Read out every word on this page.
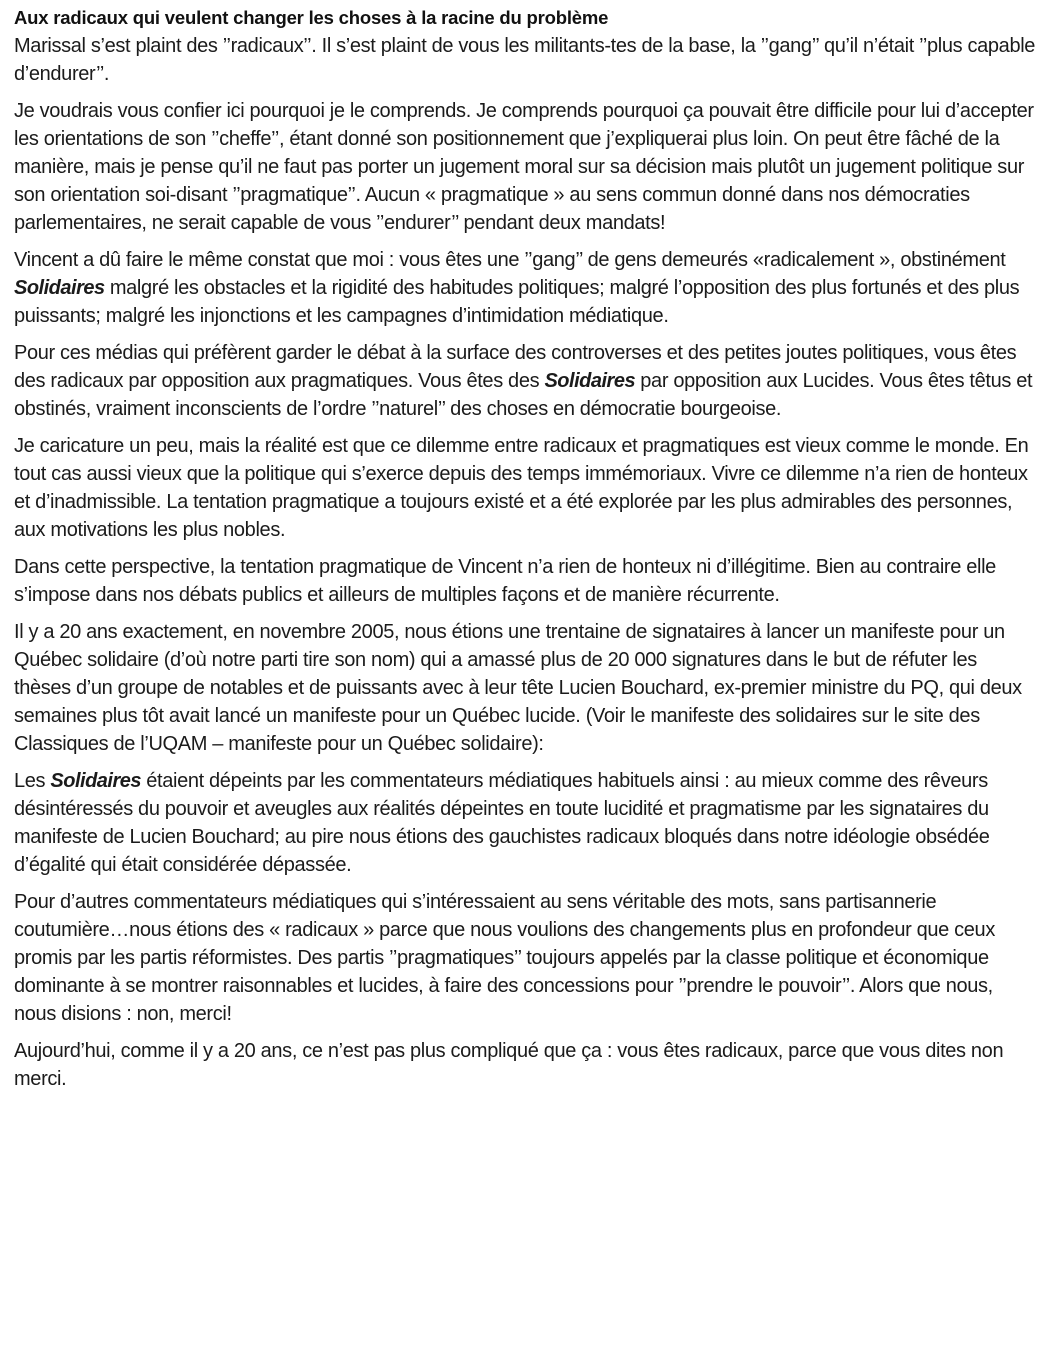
Aux radicaux qui veulent changer les choses à la racine du problème

Marissal s’est plaint des ’’radicaux’’. Il s’est plaint de vous les militants-tes de la base, la ’’gang’’ qu’il n’était ’’plus capable d’endurer’’.

Je voudrais vous confier ici pourquoi je le comprends. Je comprends pourquoi ça pouvait être difficile pour lui d’accepter les orientations de son ’’cheffe’’, étant donné son positionnement que j’expliquerai plus loin. On peut être fâché de la manière, mais je pense qu’il ne faut pas porter un jugement moral sur sa décision mais plutôt un jugement politique sur son orientation soi-disant ’’pragmatique’’. Aucun « pragmatique » au sens commun donné dans nos démocraties parlementaires, ne serait capable de vous ’’endurer’’ pendant deux mandats!

Vincent a dû faire le même constat que moi : vous êtes une ’’gang’’ de gens demeurés «radicalement », obstinément Solidaires malgré les obstacles et la rigidité des habitudes politiques; malgré l’opposition des plus fortunés et des plus puissants; malgré les injonctions et les campagnes d’intimidation médiatique.

Pour ces médias qui préfèrent garder le débat à la surface des controverses et des petites joutes politiques, vous êtes des radicaux par opposition aux pragmatiques. Vous êtes des Solidaires par opposition aux Lucides. Vous êtes têtus et obstinés, vraiment inconscients de l’ordre ’’naturel’’ des choses en démocratie bourgeoise.

Je caricature un peu, mais la réalité est que ce dilemme entre radicaux et pragmatiques est vieux comme le monde. En tout cas aussi vieux que la politique qui s’exerce depuis des temps immémoriaux. Vivre ce dilemme n’a rien de honteux et d’inadmissible. La tentation pragmatique a toujours existé et a été explorée par les plus admirables des personnes, aux motivations les plus nobles.

Dans cette perspective, la tentation pragmatique de Vincent n’a rien de honteux ni d’illégitime. Bien au contraire elle s’impose dans nos débats publics et ailleurs de multiples façons et de manière récurrente.

Il y a 20 ans exactement, en novembre 2005, nous étions une trentaine de signataires à lancer un manifeste pour un Québec solidaire (d’où notre parti tire son nom) qui a amassé plus de 20 000 signatures dans le but de réfuter les thèses d’un groupe de notables et de puissants avec à leur tête Lucien Bouchard, ex-premier ministre du PQ, qui deux semaines plus tôt avait lancé un manifeste pour un Québec lucide. (Voir le manifeste des solidaires sur le site des Classiques de l’UQAM – manifeste pour un Québec solidaire):

Les Solidaires étaient dépeints par les commentateurs médiatiques habituels ainsi : au mieux comme des rêveurs désintéressés du pouvoir et aveugles aux réalités dépeintes en toute lucidité et pragmatisme par les signataires du manifeste de Lucien Bouchard; au pire nous étions des gauchistes radicaux bloqués dans notre idéologie obsédée d’égalité qui était considérée dépassée.

Pour d’autres commentateurs médiatiques qui s’intéressaient au sens véritable des mots, sans partisannerie coutumière…nous étions des « radicaux » parce que nous voulions des changements plus en profondeur que ceux promis par les partis réformistes. Des partis ’’pragmatiques’’ toujours appelés par la classe politique et économique dominante à se montrer raisonnables et lucides, à faire des concessions pour ’’prendre le pouvoir’’. Alors que nous, nous disions : non, merci!

Aujourd’hui, comme il y a 20 ans, ce n’est pas plus compliqué que ça : vous êtes radicaux, parce que vous dites non merci.
